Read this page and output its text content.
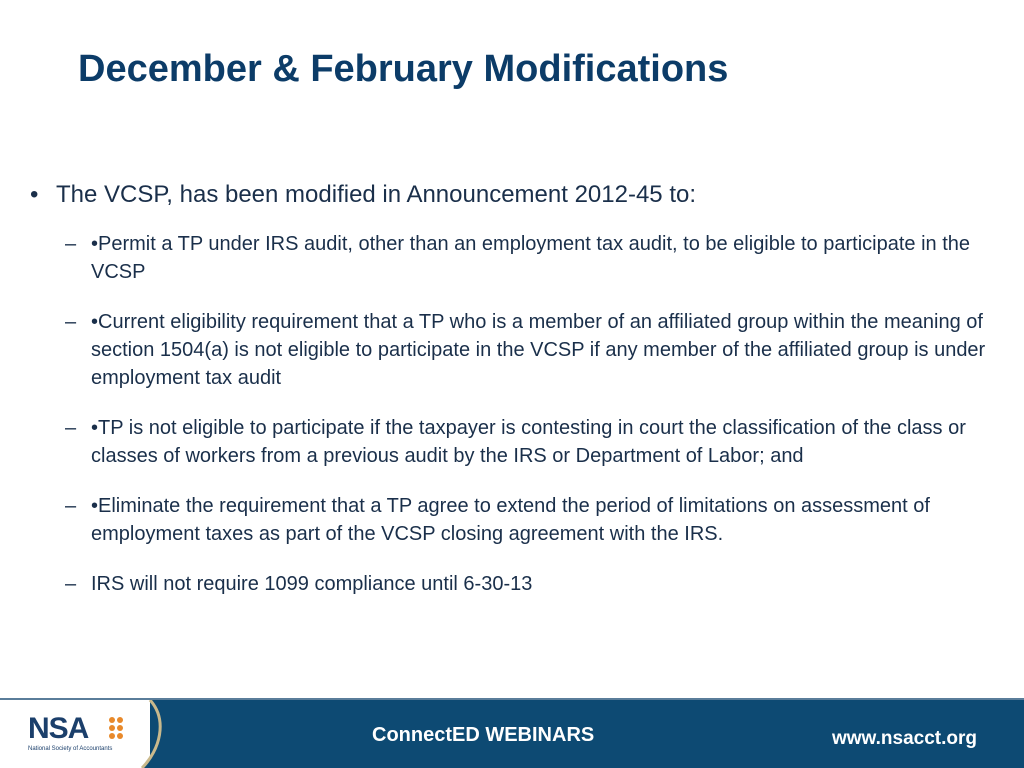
December & February Modifications
• The VCSP, has been modified in Announcement 2012-45 to:
– •Permit a TP under IRS audit, other than an employment tax audit, to be eligible to participate in the VCSP
– •Current eligibility requirement that a TP who is a member of an affiliated group within the meaning of section 1504(a) is not eligible to participate in the VCSP if any member of the affiliated group is under employment tax audit
– •TP is not eligible to participate if the taxpayer is contesting in court the classification of the class or classes of workers from a previous audit by the IRS or Department of Labor; and
– •Eliminate the requirement that a TP agree to extend the period of limitations on assessment of employment taxes as part of the VCSP closing agreement with the IRS.
– IRS will not require 1099 compliance until 6-30-13
NSA
National Society of Accountants
ConnectED WEBINARS	www.nsacct.org
